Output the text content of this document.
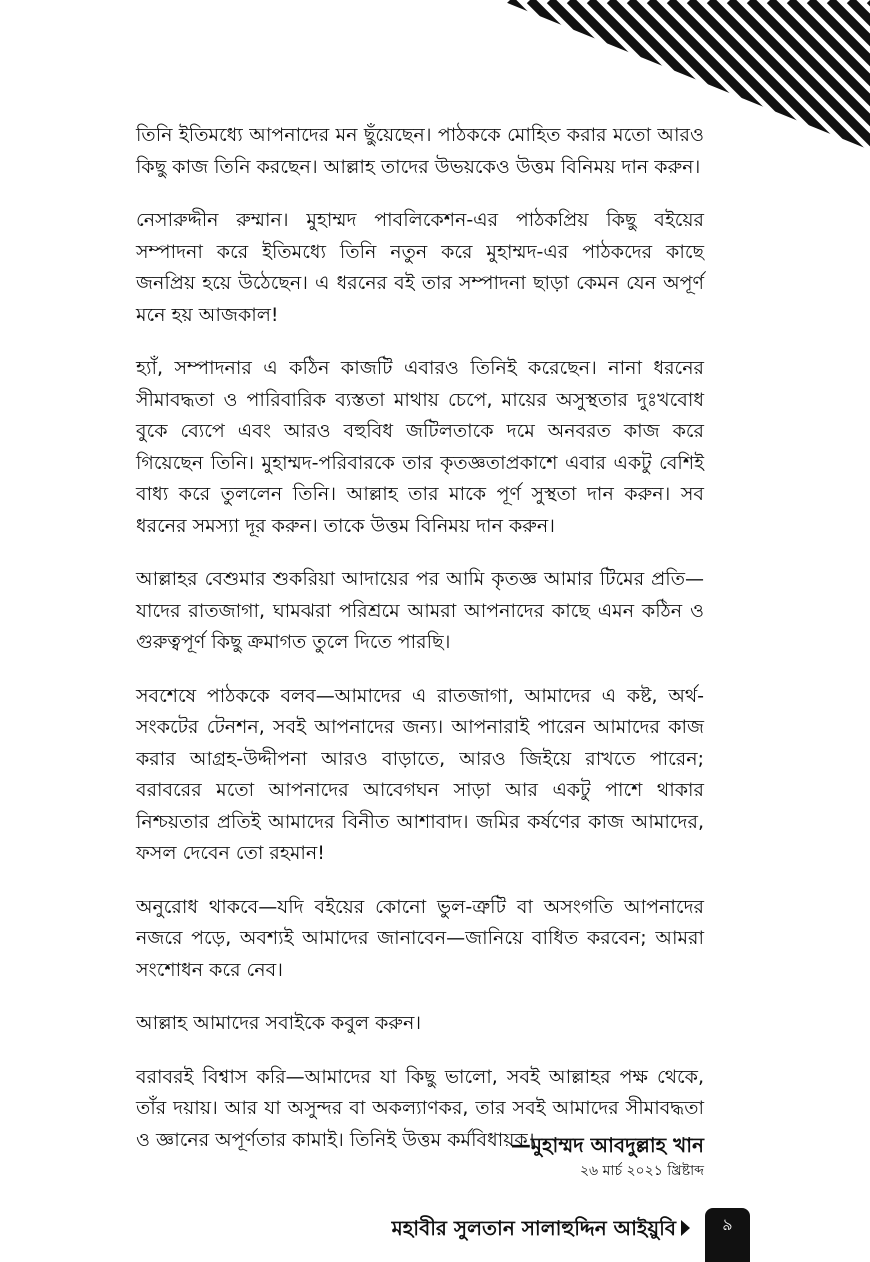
তিনি ইতিমধ্যে আপনাদের মন ছুঁয়েছেন। পাঠককে মোহিত করার মতো আরও কিছু কাজ তিনি করছেন। আল্লাহ তাদের উভয়কেও উত্তম বিনিময় দান করুন।

নেসারুদ্দীন রুম্মান। মুহাম্মদ পাবলিকেশন-এর পাঠকপ্রিয় কিছু বইয়ের সম্পাদনা করে ইতিমধ্যে তিনি নতুন করে মুহাম্মদ-এর পাঠকদের কাছে জনপ্রিয় হয়ে উঠেছেন। এ ধরনের বই তার সম্পাদনা ছাড়া কেমন যেন অপূর্ণ মনে হয় আজকাল!

হ্যাঁ, সম্পাদনার এ কঠিন কাজটি এবারও তিনিই করেছেন। নানা ধরনের সীমাবদ্ধতা ও পারিবারিক ব্যস্ততা মাথায় চেপে, মায়ের অসুস্থতার দুঃখবোধ বুকে ব্যেপে এবং আরও বহুবিধ জটিলতাকে দমে অনবরত কাজ করে গিয়েছেন তিনি। মুহাম্মদ-পরিবারকে তার কৃতজ্ঞতাপ্রকাশে এবার একটু বেশিই বাধ্য করে তুললেন তিনি। আল্লাহ তার মাকে পূর্ণ সুস্থতা দান করুন। সব ধরনের সমস্যা দূর করুন। তাকে উত্তম বিনিময় দান করুন।

আল্লাহর বেশুমার শুকরিয়া আদায়ের পর আমি কৃতজ্ঞ আমার টিমের প্রতি—যাদের রাতজাগা, ঘামঝরা পরিশ্রমে আমরা আপনাদের কাছে এমন কঠিন ও গুরুত্বপূর্ণ কিছু ক্রমাগত তুলে দিতে পারছি।

সবশেষে পাঠককে বলব—আমাদের এ রাতজাগা, আমাদের এ কষ্ট, অর্থ-সংকটের টেনশন, সবই আপনাদের জন্য। আপনারাই পারেন আমাদের কাজ করার আগ্রহ-উদ্দীপনা আরও বাড়াতে, আরও জিইয়ে রাখতে পারেন; বরাবরের মতো আপনাদের আবেগঘন সাড়া আর একটু পাশে থাকার নিশ্চয়তার প্রতিই আমাদের বিনীত আশাবাদ। জমির কর্ষণের কাজ আমাদের, ফসল দেবেন তো রহমান!

অনুরোধ থাকবে—যদি বইয়ের কোনো ভুল-ত্রুটি বা অসংগতি আপনাদের নজরে পড়ে, অবশ্যই আমাদের জানাবেন—জানিয়ে বাধিত করবেন; আমরা সংশোধন করে নেব।

আল্লাহ আমাদের সবাইকে কবুল করুন।

বরাবরই বিশ্বাস করি—আমাদের যা কিছু ভালো, সবই আল্লাহর পক্ষ থেকে, তাঁর দয়ায়। আর যা অসুন্দর বা অকল্যাণকর, তার সবই আমাদের সীমাবদ্ধতা ও জ্ঞানের অপূর্ণতার কামাই। তিনিই উত্তম কর্মবিধায়ক।

—মুহাম্মদ আবদুল্লাহ খান
২৬ মার্চ ২০২১ খ্রিষ্টাব্দ
মহাবীর সুলতান সালাহুদ্দিন আইয়ুবি	৯
